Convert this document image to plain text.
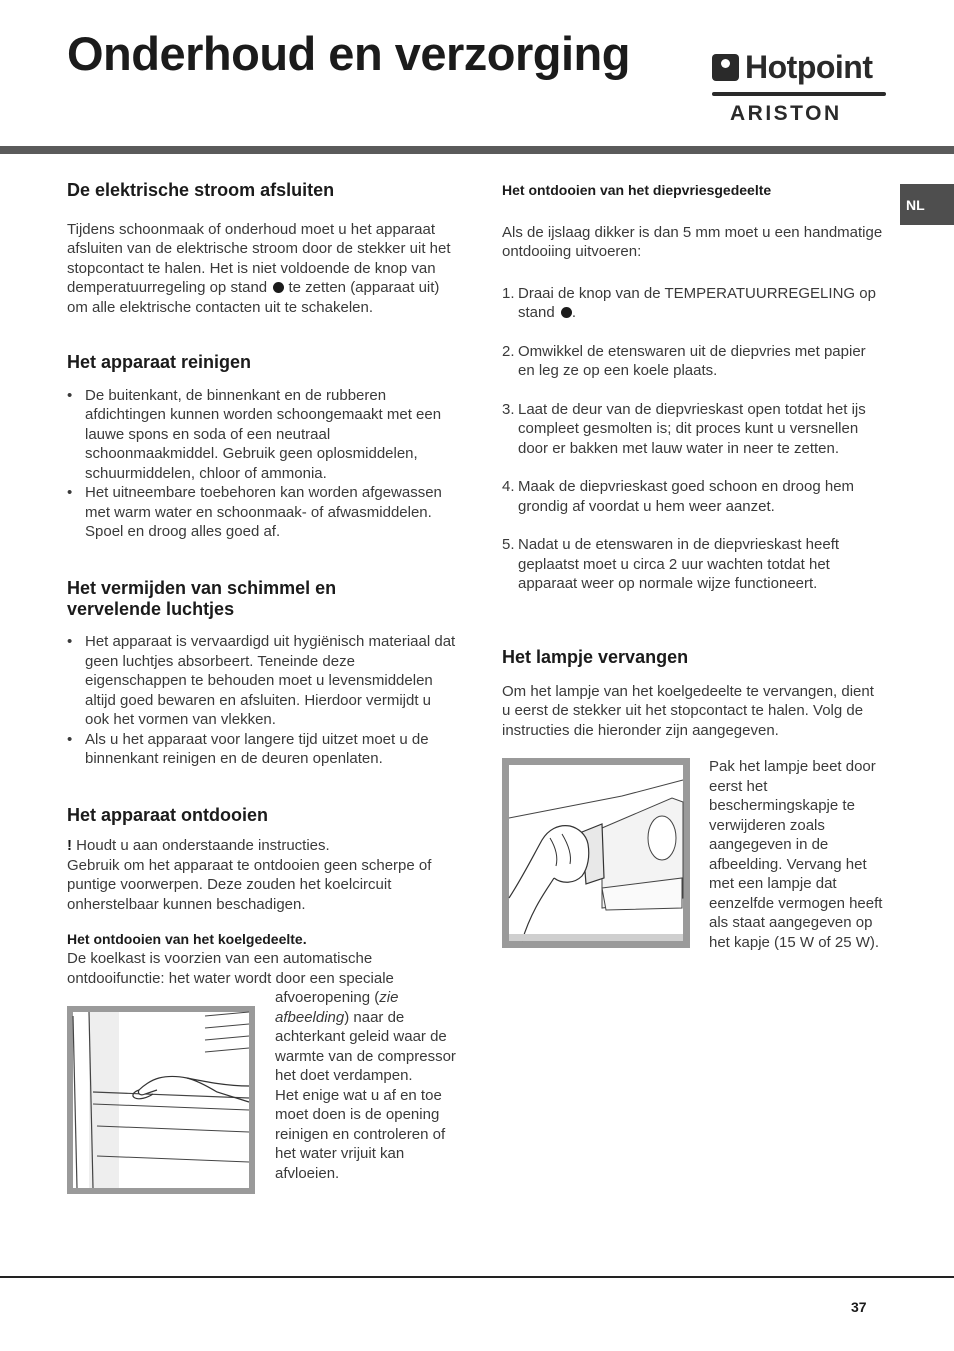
Onderhoud en verzorging	Hotpoint
ARISTON
NL
De elektrische stroom afsluiten

Tijdens schoonmaak of onderhoud moet u het apparaat afsluiten van de elektrische stroom door de stekker uit het stopcontact te halen. Het is niet voldoende de knop van demperatuurregeling op stand te zetten (apparaat uit) om alle elektrische contacten uit te schakelen.

Het apparaat reinigen
• De buitenkant, de binnenkant en de rubberen afdichtingen kunnen worden schoongemaakt met een lauwe spons en soda of een neutraal schoonmaakmiddel. Gebruik geen oplosmiddelen, schuurmiddelen, chloor of ammonia.
• Het uitneembare toebehoren kan worden afgewassen met warm water en schoonmaak- of afwasmiddelen. Spoel en droog alles goed af.
Het vermijden van schimmel en
vervelende luchtjes
• Het apparaat is vervaardigd uit hygiënisch materiaal dat geen luchtjes absorbeert. Teneinde deze eigenschappen te behouden moet u levensmiddelen altijd goed bewaren en afsluiten. Hierdoor vermijdt u ook het vormen van vlekken.
• Als u het apparaat voor langere tijd uitzet moet u de binnenkant reinigen en de deuren openlaten.
Het apparaat ontdooien

! Houdt u aan onderstaande instructies.

Gebruik om het apparaat te ontdooien geen scherpe of puntige voorwerpen. Deze zouden het koelcircuit onherstelbaar kunnen beschadigen.

Het ontdooien van het koelgedeelte.

De koelkast is voorzien van een automatische ontdooifunctie: het water wordt door een speciale

afvoeropening (zie afbeelding) naar de achterkant geleid waar de warmte van de compressor het doet verdampen.

Het enige wat u af en toe moet doen is de opening reinigen en controleren of het water vrijuit kan afvloeien.

Het ontdooien van het diepvriesgedeelte

Als de ijslaag dikker is dan 5 mm moet u een handmatige ontdooiing uitvoeren:

1. Draai de knop van de TEMPERATUURREGELING op stand .
2. Omwikkel de etenswaren uit de diepvries met papier en leg ze op een koele plaats.
3. Laat de deur van de diepvrieskast open totdat het ijs compleet gesmolten is; dit proces kunt u versnellen door er bakken met lauw water in neer te zetten.
4. Maak de diepvrieskast goed schoon en droog hem grondig af voordat u hem weer aanzet.
5. Nadat u de etenswaren in de diepvrieskast heeft geplaatst moet u circa 2 uur wachten totdat het apparaat weer op normale wijze functioneert.
Het lampje vervangen

Om het lampje van het koelgedeelte te vervangen, dient u eerst de stekker uit het stopcontact te halen. Volg de instructies die hieronder zijn aangegeven.

Pak het lampje beet door eerst het beschermingskapje te verwijderen zoals aangegeven in de afbeelding. Vervang het met een lampje dat eenzelfde vermogen heeft als staat aangegeven op het kapje (15 W of 25 W).

37
